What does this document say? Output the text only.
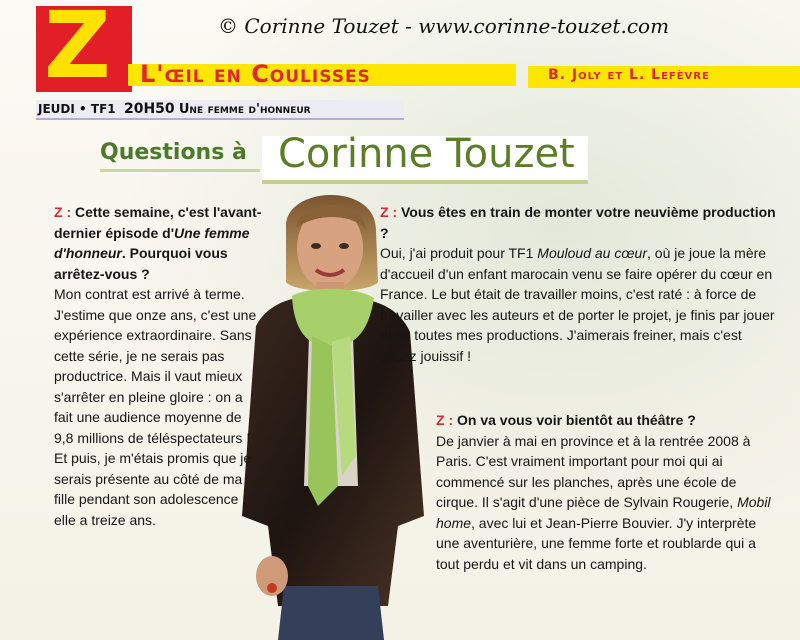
© Corinne Touzet - www.corinne-touzet.com
Z L'œil en Coulisses	B. Joly et L. Lefèvre
JEUDI • TF1 20H50 Une femme d'honneur
Questions à Corinne Touzet

Z : Cette semaine, c'est l'avant-dernier épisode d'Une femme d'honneur. Pourquoi vous arrêtez-vous ?

Mon contrat est arrivé à terme. J'estime que onze ans, c'est une expérience extraordinaire. Sans cette série, je ne serais pas productrice. Mais il vaut mieux s'arrêter en pleine gloire : on a fait une audience moyenne de 9,8 millions de téléspectateurs ! Et puis, je m'étais promis que je serais présente au côté de ma fille pendant son adolescence : elle a treize ans.

Z : Vous êtes en train de monter votre neuvième production ?

Oui, j'ai produit pour TF1 Mouloud au cœur, où je joue la mère d'accueil d'un enfant marocain venu se faire opérer du cœur en France. Le but était de travailler moins, c'est raté : à force de travailler avec les auteurs et de porter le projet, je finis par jouer dans toutes mes productions. J'aimerais freiner, mais c'est assez jouissif !

Z : On va vous voir bientôt au théâtre ?

De janvier à mai en province et à la rentrée 2008 à Paris. C'est vraiment important pour moi qui ai commencé sur les planches, après une école de cirque. Il s'agit d'une pièce de Sylvain Rougerie, Mobil home, avec lui et Jean-Pierre Bouvier. J'y interprète une aventurière, une femme forte et roublarde qui a tout perdu et vit dans un camping.
